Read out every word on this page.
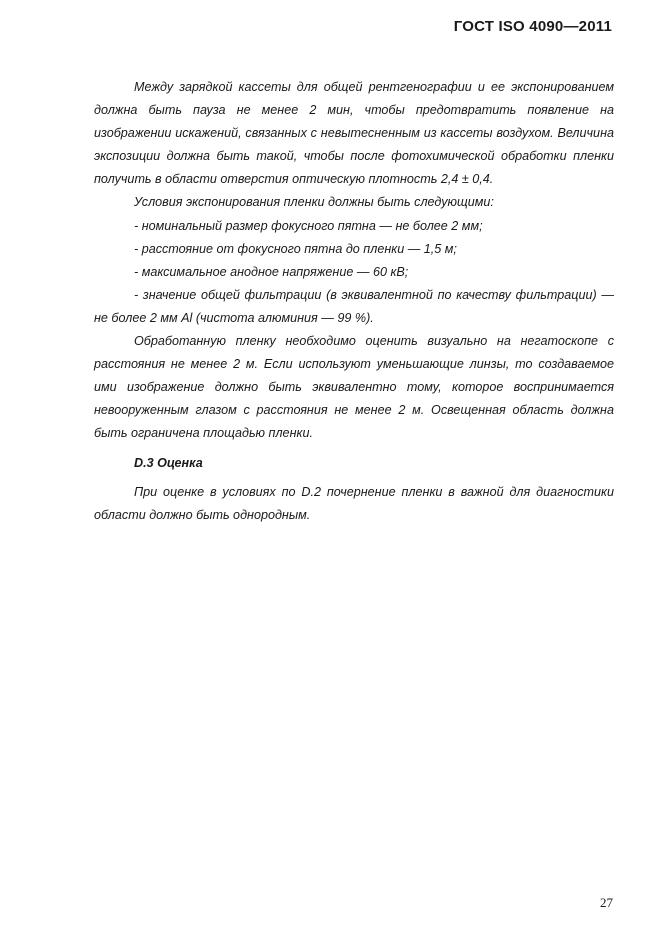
ГОСТ ISO 4090—2011

Между зарядкой кассеты для общей рентгенографии и ее экспонированием должна быть пауза не менее 2 мин, чтобы предотвратить появление на изображении искажений, связанных с невытесненным из кассеты воздухом. Величина экспозиции должна быть такой, чтобы после фотохимической обработки пленки получить в области отверстия оптическую плотность 2,4 ± 0,4.

Условия экспонирования пленки должны быть следующими:

- номинальный размер фокусного пятна — не более 2 мм;

- расстояние от фокусного пятна до пленки — 1,5 м;

- максимальное анодное напряжение — 60 кВ;

- значение общей фильтрации (в эквивалентной по качеству фильтрации) — не более 2 мм Al (чистота алюминия — 99 %).

Обработанную пленку необходимо оценить визуально на негатоскопе с расстояния не менее 2 м. Если используют уменьшающие линзы, то создаваемое ими изображение должно быть эквивалентно тому, которое воспринимается невооруженным глазом с расстояния не менее 2 м. Освещенная область должна быть ограничена площадью пленки.

D.3 Оценка

При оценке в условиях по D.2 почернение пленки в важной для диагностики области должно быть однородным.

27
